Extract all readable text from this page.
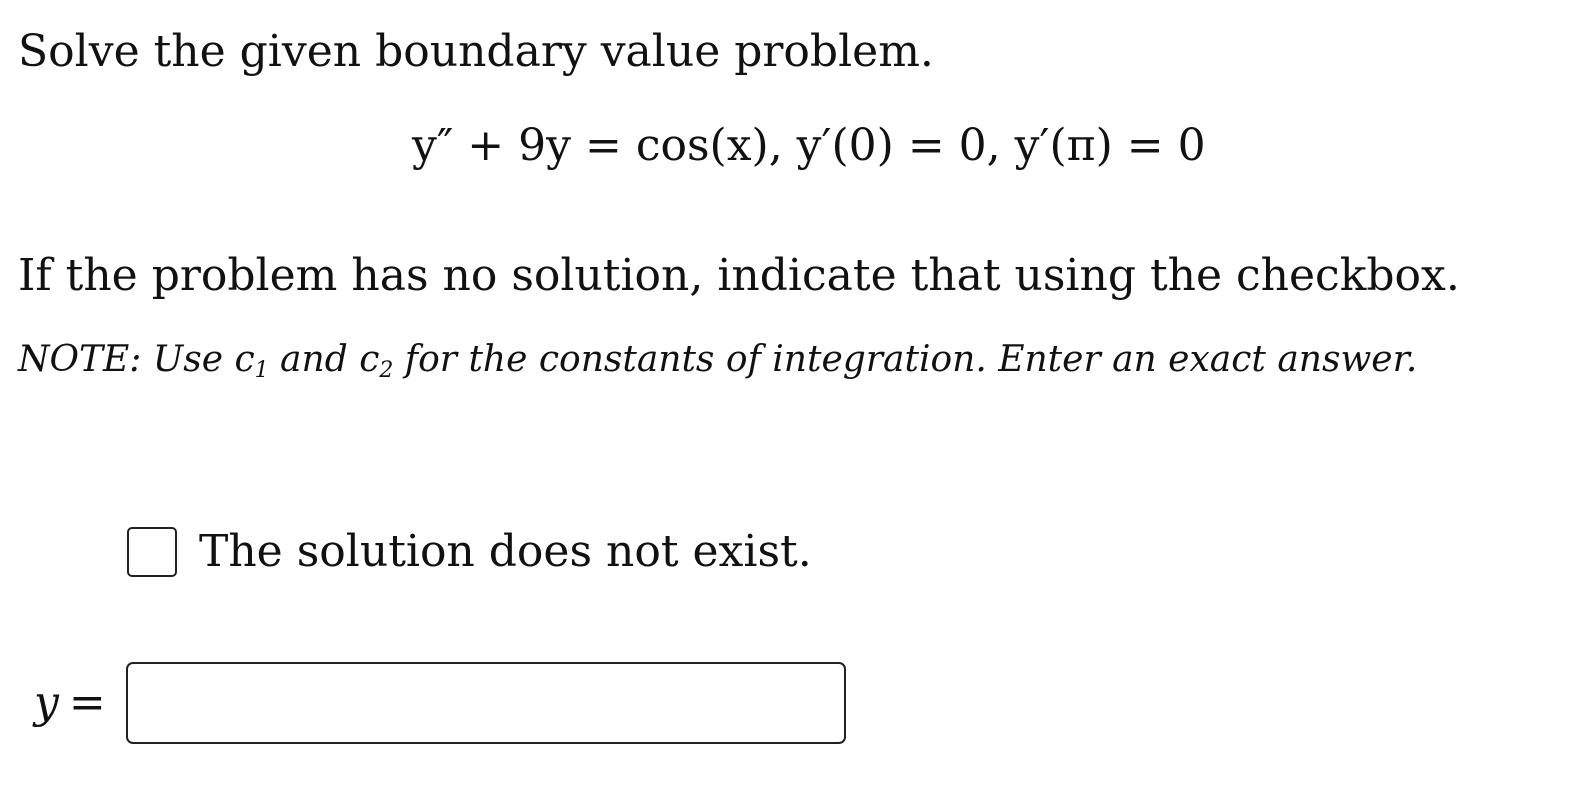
Solve the given boundary value problem.
y″ + 9y = cos(x), y′(0) = 0, y′(π) = 0
If the problem has no solution, indicate that using the checkbox.
NOTE: Use $c_1$ and $c_2$ for the constants of integration. Enter an exact answer.
The solution does not exist.
y =
